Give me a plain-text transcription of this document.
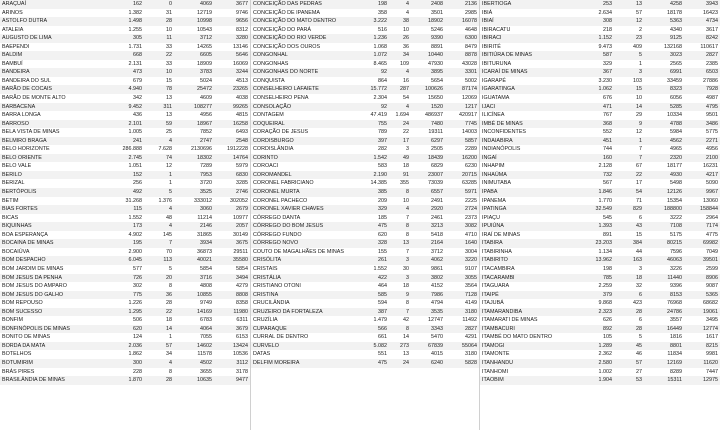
ARAÇUAÍ	162	0	4069	3677
ARINOS	1.382	31	12719	9746
ASTOLFO DUTRA	1.498	28	10998	9656
ATALEIA	1.255	10	10543	8312
AUGUSTO DE LIMA	305	11	3712	3280
BAEPENDI	1.731	33	14265	13146
BALDIM	668	22	6605	5646
BAMBUÍ	2.131	33	18909	16069
BANDEIRA	473	10	3783	3244
BANDEIRA DO SUL	679	15	5024	4513
BARÃO DE COCAIS	4.940	78	25472	23265
BARÃO DE MONTE ALTO	342	13	4609	4038
BARBACENA	9.452	311	108277	99265
BARRA LONGA	436	13	4956	4815
BARROSO	2.101	59	18967	16258
BELA VISTA DE MINAS	1.005	25	7852	6493
BELMIRO BRAGA	241	4	2747	2548
BELO HORIZONTE	286.888	7.628	2130696	1912228
BELO ORIENTE	2.745	74	18302	14764
BELO VALE	1.051	12	7289	5979
BERILO	152	1	7953	6830
BERIZAL	256	1	3720	3285
BERTÓPOLIS	492	5	3525	2746
BETIM	31.268	1.376	333012	302052
BIAS FORTES	115	4	3060	2679
BICAS	1.552	48	11214	10977
BIQUINHAS	173	4	2146	2057
BOA ESPERANÇA	4.902	145	31865	30149
BOCAINA DE MINAS	195	7	3934	3675
BOCAIÚVA	2.900	70	36873	29511
BOM DESPACHO	6.045	113	40021	35580
BOM JARDIM DE MINAS	577	5	5854	5854
BOM JESUS DA PENHA	726	20	3716	3494
BOM JESUS DO AMPARO	302	8	4808	4279
BOM JESUS DO GALHO	775	36	10855	8808
BOM REPOUSO	1.226	28	9749	8358
BOM SUCESSO	1.295	22	14169	11980
BONFIM	506	18	6783	6311
BONFINÓPOLIS DE MINAS	620	14	4064	3679
BONITO DE MINAS	124	1	7055	6153
BORDA DA MATA	2.036	57	14602	13424
BOTELHOS	1.862	34	11578	10536
BOTUMIRIM	300	4	4502	3112
BRÁS PIRES	228	8	3655	3178
BRASILÂNDIA DE MINAS	1.870	28	10635	9477
CONCEIÇÃO DAS PEDRAS	198	4	2408	2136
CONCEIÇÃO DE IPANEMA	358	4	3501	2985
CONCEIÇÃO DO MATO DENTRO	3.222	38	18902	16078
CONCEIÇÃO DO PARÁ	516	10	5246	4648
CONCEIÇÃO DO RIO VERDE	1.236	26	9390	6300
CONCEIÇÃO DOS OUROS	1.068	36	8891	8479
CONGONHAL	1.072	34	10440	8878
CONGONHAS	8.465	109	47930	43028
CONGONHAS DO NORTE	92	4	3895	3301
CONQUISTA	864	16	5654	5002
CONSELHEIRO LAFAIETE	15.772	287	100626	87174
CONSELHEIRO PENA	2.304	54	15650	12069
CONSOLAÇÃO	92	4	1520	1217
CONTAGEM	47.419	1.694	486937	420917
COQUEIRAL	755	24	7480	7745
CORAÇÃO DE JESUS	789	22	19311	14003
CORDISBURGO	397	17	6297	5857
CORDISLÂNDIA	282	3	2505	2289
CORINTO	1.542	49	18439	16200
COROACI	583	18	6829	6230
COROMANDEL	2.190	91	23007	20715
CORONEL FABRICIANO	14.385	355	73039	63285
CORONEL MURTA	385	8	6557	5971
CORONEL PACHECO	209	10	2491	2225
CORONEL XAVIER CHAVES	329	4	2920	2724
CÓRREGO DANTA	185	7	2461	2373
CÓRREGO DO BOM JESUS	475	8	3213	3082
CÓRREGO FUNDO	620	8	5418	4710
CÓRREGO NOVO	328	13	2164	1640
COUTO DE MAGALHÃES DE MINAS	155	7	3712	3004
CRISÓLITA	261	3	4062	3220
CRISTAIS	1.552	30	9861	9107
CRISTÁLIA	422	3	3802	3055
CRISTIANO OTONI	464	18	4152	3564
CRISTINA	585	9	7986	7128
CRUCILÂNDIA	594	8	4794	4149
CRUZEIRO DA FORTALEZA	387	7	3535	3180
CRUZÍLIA	1.479	42	12747	11492
CUPARAQUE	566	8	3343	2827
CURRAL DE DENTRO	661	14	5470	4291
CURVELO	5.082	273	67839	55064
DATAS	551	13	4015	3180
DELFIM MOREIRA	475	24	6240	5828
IBERTIOGA	253	13	4258	3943
IBIÁ	2.634	57	18178	16423
IBIAÍ	308	12	5363	4734
IBIRACATU	218	2	4340	3617
IBIRACI	1.152	23	9125	8242
IBIRITÉ	9.473	409	132168	110617
IBITIÚRA DE MINAS	587	5	3023	2827
IBITURUNA	329	1	2565	2385
ICARAÍ DE MINAS	367	3	6991	6503
IGARAPÉ	3.230	103	33459	27886
IGARATINGA	1.062	15	8323	7928
IGUATAMA	676	10	6056	4987
IJACI	471	14	5285	4795
ILICÍNEA	767	29	10334	9501
IMBÉ DE MINAS	368	9	4788	3486
INCONFIDENTES	552	12	5984	5775
INDAIABIRA	451	1	4562	2271
INDIANÓPOLIS	744	7	4965	4956
INGAÍ	160	7	2320	2100
INHAPIM	2.128	67	18177	16231
INHAÚMA	732	22	4930	4217
INIMUTABA	567	17	5498	5090
IPABA	1.846	54	12126	9967
IPANEMA	1.770	71	15354	13060
IPATINGA	32.549	829	188800	158844
IPIAÇU	545	6	3222	2964
IPUIÚNA	1.393	43	7108	7174
IRAÍ DE MINAS	891	15	5175	4775
ITABIRA	23.203	384	80215	69982
ITABIRINHA	1.134	44	7596	7049
ITABIRITO	13.962	163	46063	39501
ITACAMBIRA	198	3	3226	2599
ITACARAMBI	785	18	11440	8906
ITAGUARA	2.259	32	9396	9087
ITAIPÉ	379	6	8153	5365
ITAJUBÁ	9.868	423	76968	68682
ITAMARANDIBA	2.323	28	24786	19061
ITAMARATI DE MINAS	626	6	3557	3495
ITAMBACURI	892	28	16449	12774
ITAMBÉ DO MATO DENTRO	105	5	1816	1617
ITAMOGI	1.289	45	8801	8215
ITAMONTE	2.362	46	11834	9981
ITANHANDU	2.580	57	12169	11620
ITANHOMI	1.002	27	8289	7447
ITAOBIM	1.904	53	15311	12975
